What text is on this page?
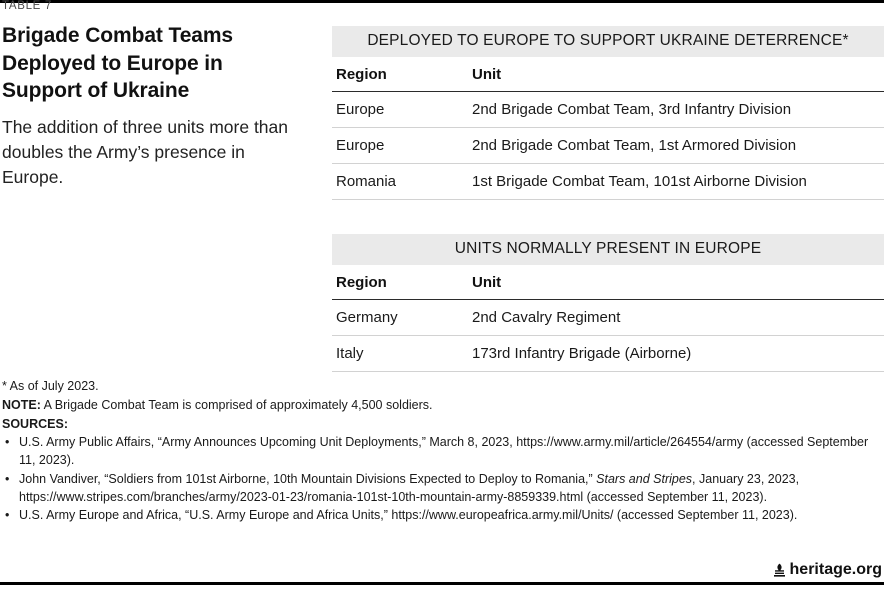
TABLE 7
Brigade Combat Teams Deployed to Europe in Support of Ukraine

The addition of three units more than doubles the Army’s presence in Europe.

DEPLOYED TO EUROPE TO SUPPORT UKRAINE DETERRENCE*	
Region	Unit
Europe	2nd Brigade Combat Team, 3rd Infantry Division
Europe	2nd Brigade Combat Team, 1st Armored Division
Romania	1st Brigade Combat Team, 101st Airborne Division
UNITS NORMALLY PRESENT IN EUROPE	
Region	Unit
Germany	2nd Cavalry Regiment
Italy	173rd Infantry Brigade (Airborne)

* As of July 2023.

NOTE: A Brigade Combat Team is comprised of approximately 4,500 soldiers.

SOURCES:

• U.S. Army Public Affairs, “Army Announces Upcoming Unit Deployments,” March 8, 2023, https://www.army.mil/article/264554/army (accessed September 11, 2023).
• John Vandiver, “Soldiers from 101st Airborne, 10th Mountain Divisions Expected to Deploy to Romania,” Stars and Stripes, January 23, 2023, https://www.stripes.com/branches/army/2023-01-23/romania-101st-10th-mountain-army-8859339.html (accessed September 11, 2023).
• U.S. Army Europe and Africa, “U.S. Army Europe and Africa Units,” https://www.europeafrica.army.mil/Units/ (accessed September 11, 2023).
heritage.org
